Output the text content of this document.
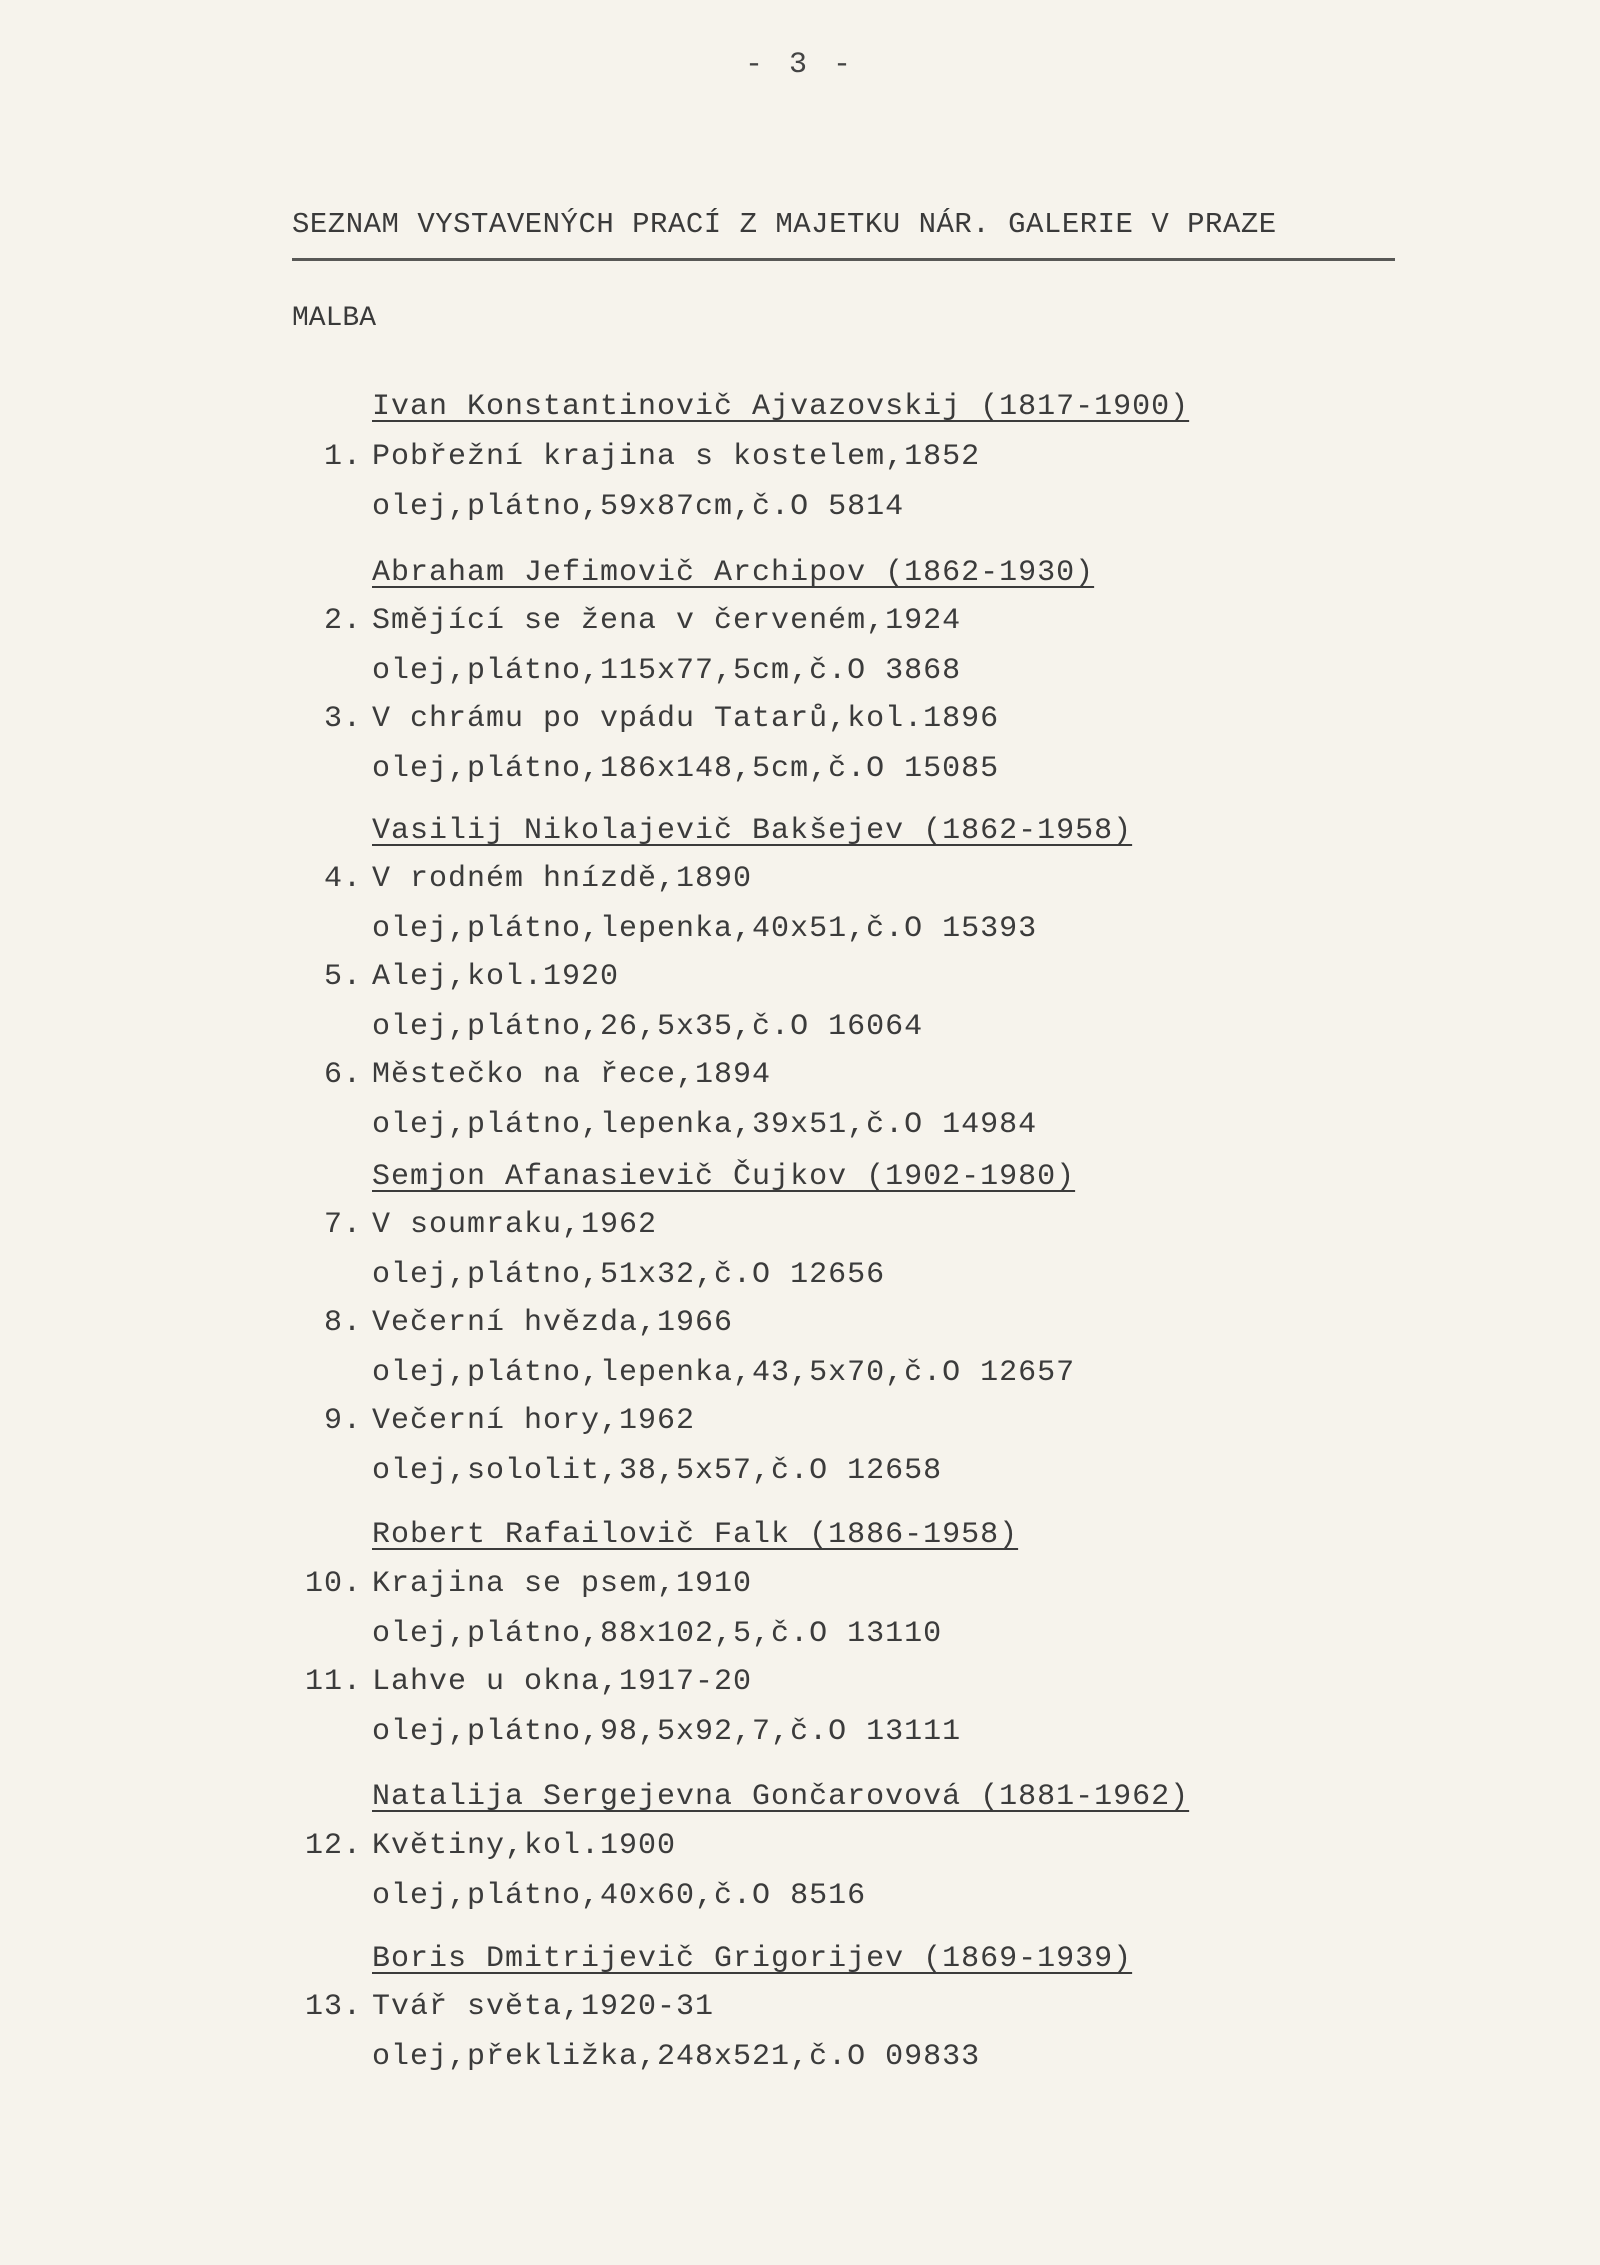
- 3 -
SEZNAM VYSTAVENÝCH PRACÍ Z MAJETKU NÁR. GALERIE V PRAZE
MALBA
Ivan Konstantinovič Ajvazovskij (1817-1900)
1. Pobřežní krajina s kostelem,1852
olej,plátno,59x87cm,č.O 5814
Abraham Jefimovič Archipov (1862-1930)
2. Smějící se žena v červeném,1924
olej,plátno,115x77,5cm,č.O 3868
3. V chrámu po vpádu Tatarů,kol.1896
olej,plátno,186x148,5cm,č.O 15085
Vasilij Nikolajevič Bakšejev (1862-1958)
4. V rodném hnízdě,1890
olej,plátno,lepenka,40x51,č.O 15393
5. Alej,kol.1920
olej,plátno,26,5x35,č.O 16064
6. Městečko na řece,1894
olej,plátno,lepenka,39x51,č.O 14984
Semjon Afanasievič Čujkov (1902-1980)
7. V soumraku,1962
olej,plátno,51x32,č.O 12656
8. Večerní hvězda,1966
olej,plátno,lepenka,43,5x70,č.O 12657
9. Večerní hory,1962
olej,sololit,38,5x57,č.O 12658
Robert Rafailovič Falk (1886-1958)
10. Krajina se psem,1910
olej,plátno,88x102,5,č.O 13110
11. Lahve u okna,1917-20
olej,plátno,98,5x92,7,č.O 13111
Natalija Sergejevna Gončarovová (1881-1962)
12. Květiny,kol.1900
olej,plátno,40x60,č.O 8516
Boris Dmitrijevič Grigorijev (1869-1939)
13. Tvář světa,1920-31
olej,překližka,248x521,č.O 09833
